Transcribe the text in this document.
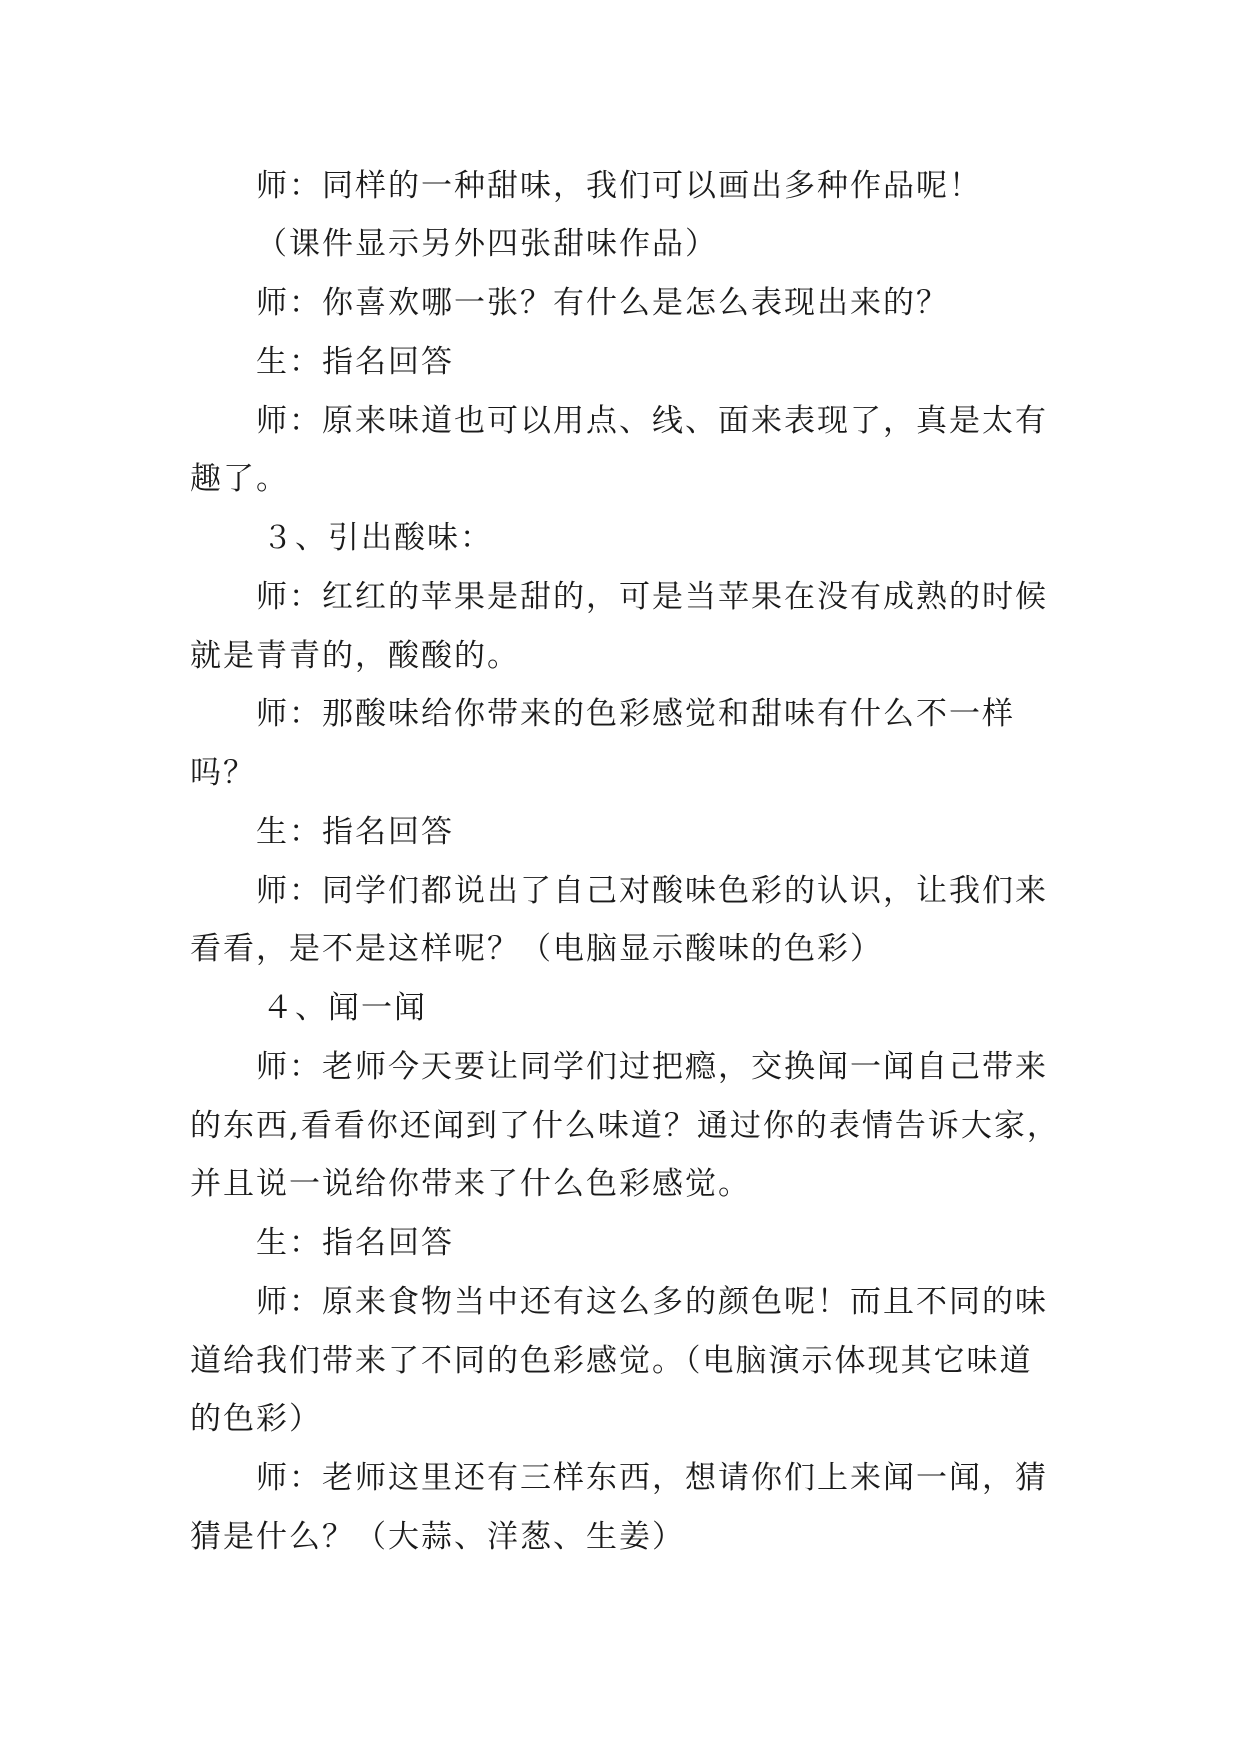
师：同样的一种甜味，我们可以画出多种作品呢！
（课件显示另外四张甜味作品）
师：你喜欢哪一张？有什么是怎么表现出来的？
生：指名回答
师：原来味道也可以用点、线、面来表现了，真是太有
趣了。
３、引出酸味：
师：红红的苹果是甜的，可是当苹果在没有成熟的时候
就是青青的，酸酸的。
师：那酸味给你带来的色彩感觉和甜味有什么不一样
吗？
生：指名回答
师：同学们都说出了自己对酸味色彩的认识，让我们来
看看，是不是这样呢？（电脑显示酸味的色彩）
４、闻一闻
师：老师今天要让同学们过把瘾，交换闻一闻自己带来
的东西,看看你还闻到了什么味道？通过你的表情告诉大家，
并且说一说给你带来了什么色彩感觉。
生：指名回答
师：原来食物当中还有这么多的颜色呢！而且不同的味
道给我们带来了不同的色彩感觉。（电脑演示体现其它味道
的色彩）
师：老师这里还有三样东西，想请你们上来闻一闻，猜
猜是什么？（大蒜、洋葱、生姜）
